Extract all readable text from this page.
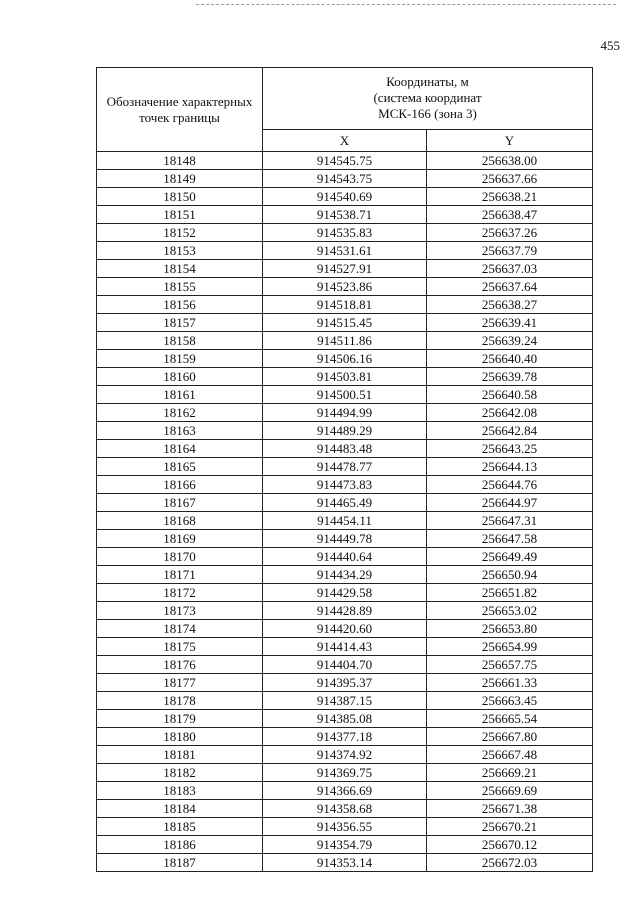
455
Обозначение характерных точек границы	Координаты, м
(система координат
МСК-166 (зона 3)	

	X	Y
18148	914545.75	256638.00
18149	914543.75	256637.66
18150	914540.69	256638.21
18151	914538.71	256638.47
18152	914535.83	256637.26
18153	914531.61	256637.79
18154	914527.91	256637.03
18155	914523.86	256637.64
18156	914518.81	256638.27
18157	914515.45	256639.41
18158	914511.86	256639.24
18159	914506.16	256640.40
18160	914503.81	256639.78
18161	914500.51	256640.58
18162	914494.99	256642.08
18163	914489.29	256642.84
18164	914483.48	256643.25
18165	914478.77	256644.13
18166	914473.83	256644.76
18167	914465.49	256644.97
18168	914454.11	256647.31
18169	914449.78	256647.58
18170	914440.64	256649.49
18171	914434.29	256650.94
18172	914429.58	256651.82
18173	914428.89	256653.02
18174	914420.60	256653.80
18175	914414.43	256654.99
18176	914404.70	256657.75
18177	914395.37	256661.33
18178	914387.15	256663.45
18179	914385.08	256665.54
18180	914377.18	256667.80
18181	914374.92	256667.48
18182	914369.75	256669.21
18183	914366.69	256669.69
18184	914358.68	256671.38
18185	914356.55	256670.21
18186	914354.79	256670.12
18187	914353.14	256672.03
